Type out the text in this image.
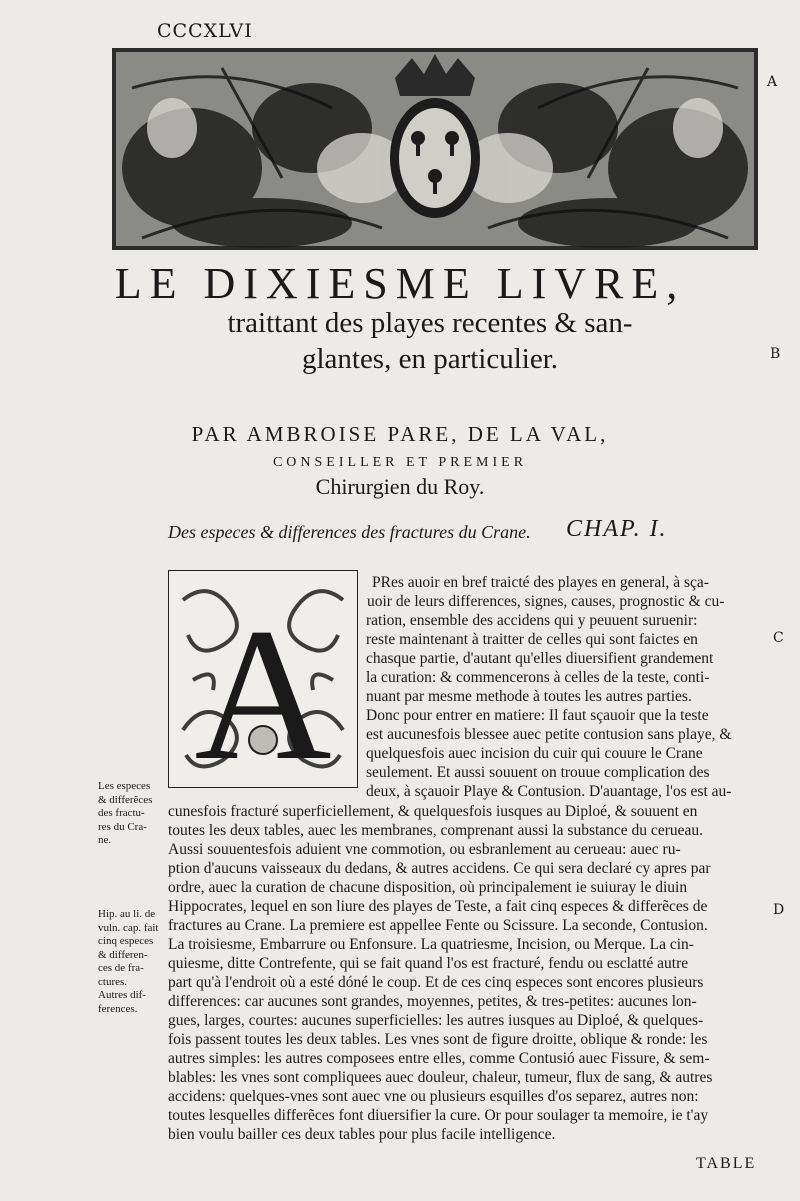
CCCXLVI
A
B
C
D
LE DIXIESME LIVRE,
traittant des playes recentes & san-
glantes, en particulier.
PAR AMBROISE PARE, DE LA VAL,
CONSEILLER ET PREMIER
Chirurgien du Roy.
Des especes & differences des fractures du Crane. CHAP. I.
A
PRes auoir en bref traicté des playes en general, à sça-
uoir de leurs differences, signes, causes, prognostic & cu-
ration, ensemble des accidens qui y peuuent suruenir:
reste maintenant à traitter de celles qui sont faictes en
chasque partie, d'autant qu'elles diuersifient grandement
la curation: & commencerons à celles de la teste, conti-
nuant par mesme methode à toutes les autres parties.
Donc pour entrer en matiere: Il faut sçauoir que la teste
est aucunesfois blessee auec petite contusion sans playe, &
quelquesfois auec incision du cuir qui couure le Crane
seulement. Et aussi souuent on trouue complication des
deux, à sçauoir Playe & Contusion. D'auantage, l'os est au-
cunesfois fracturé superficiellement, & quelquesfois iusques au Diploé, & souuent en
toutes les deux tables, auec les membranes, comprenant aussi la substance du cerueau.
Aussi souuentesfois aduient vne commotion, ou esbranlement au cerueau: auec ru-
ption d'aucuns vaisseaux du dedans, & autres accidens. Ce qui sera declaré cy apres par
ordre, auec la curation de chacune disposition, où principalement ie suiuray le diuin
Hippocrates, lequel en son liure des playes de Teste, a fait cinq especes & differẽces de
fractures au Crane. La premiere est appellee Fente ou Scissure. La seconde, Contusion.
La troisiesme, Embarrure ou Enfonsure. La quatriesme, Incision, ou Merque. La cin-
quiesme, ditte Contrefente, qui se fait quand l'os est fracturé, fendu ou esclatté autre
part qu'à l'endroit où a esté dóné le coup. Et de ces cinq especes sont encores plusieurs
differences: car aucunes sont grandes, moyennes, petites, & tres-petites: aucunes lon-
gues, larges, courtes: aucunes superficielles: les autres iusques au Diploé, & quelques-
fois passent toutes les deux tables. Les vnes sont de figure droitte, oblique & ronde: les
autres simples: les autres composees entre elles, comme Contusió auec Fissure, & sem-
blables: les vnes sont compliquees auec douleur, chaleur, tumeur, flux de sang, & autres
accidens: quelques-vnes sont auec vne ou plusieurs esquilles d'os separez, autres non:
toutes lesquelles differẽces font diuersifier la cure. Or pour soulager ta memoire, ie t'ay
bien voulu bailler ces deux tables pour plus facile intelligence.
Les especes
& differẽces
des fractu-
res du Cra-
ne.
Hip. au li. de
vuln. cap. fait
cinq especes
& differen-
ces de fra-
ctures.
Autres dif-
ferences.
TABLE
